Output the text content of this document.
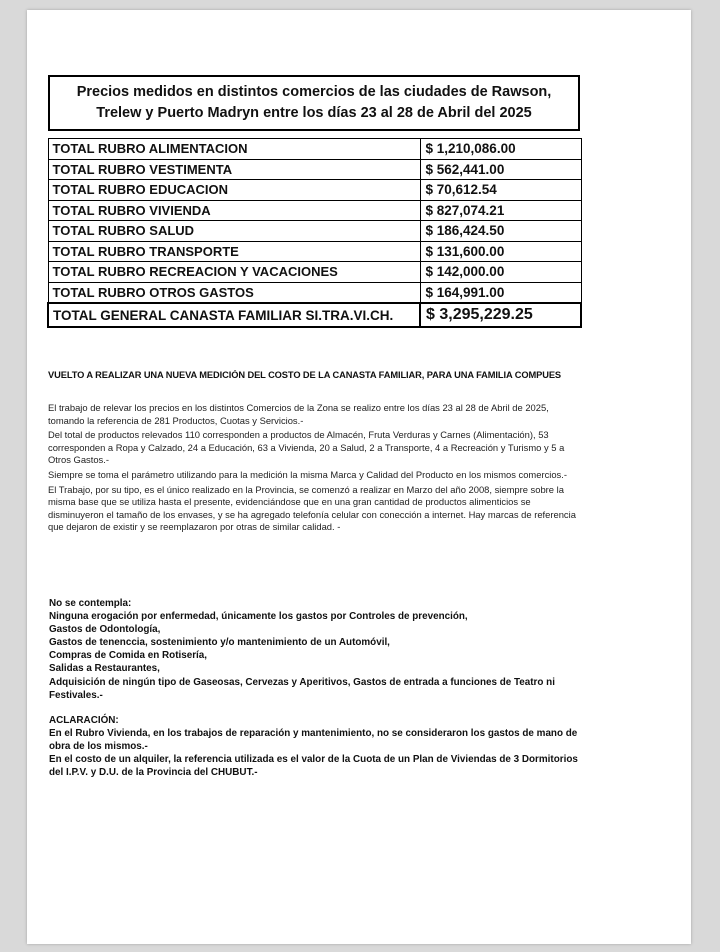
Precios medidos en distintos comercios de las ciudades de Rawson,
Trelew y Puerto Madryn entre los días 23 al 28 de Abril del 2025
TOTAL RUBRO ALIMENTACION	$ 1,210,086.00
TOTAL RUBRO VESTIMENTA	$ 562,441.00
TOTAL RUBRO EDUCACION	$ 70,612.54
TOTAL RUBRO VIVIENDA	$ 827,074.21
TOTAL RUBRO SALUD	$ 186,424.50
TOTAL RUBRO TRANSPORTE	$ 131,600.00
TOTAL RUBRO RECREACION Y VACACIONES	$ 142,000.00
TOTAL RUBRO OTROS GASTOS	$ 164,991.00
TOTAL GENERAL CANASTA FAMILIAR SI.TRA.VI.CH.	$ 3,295,229.25
VUELTO A REALIZAR UNA NUEVA MEDICIÓN DEL COSTO DE LA CANASTA FAMILIAR, PARA UNA FAMILIA COMPUES

El trabajo de relevar los precios en los distintos Comercios de la Zona se realizo entre los días 23 al 28 de Abril de 2025, tomando la referencia de 281 Productos, Cuotas y Servicios.-

Del total de productos relevados 110 corresponden a productos de Almacén, Fruta Verduras y Carnes (Alimentación), 53 corresponden a Ropa y Calzado, 24 a Educación, 63 a Vivienda, 20 a Salud, 2 a Transporte, 4 a Recreación y Turismo y 5 a Otros Gastos.-

Siempre se toma el parámetro utilizando para la medición la misma Marca y Calidad del Producto en los mismos comercios.-

El Trabajo, por su tipo, es el único realizado en la Provincia, se comenzó a realizar en Marzo del año 2008, siempre sobre la misma base que se utiliza hasta el presente, evidenciándose que en una gran cantidad de productos alimenticios se disminuyeron el tamaño de los envases, y se ha agregado telefonía celular con conección a internet. Hay marcas de referencia que dejaron de existir y se reemplazaron por otras de similar calidad. -

No se contempla:
Ninguna erogación por enfermedad, únicamente los gastos por Controles de prevención,
Gastos de Odontología,
Gastos de tenenccia, sostenimiento y/o mantenimiento de un Automóvil,
Compras de Comida en Rotisería,
Salidas a Restaurantes,
Adquisición de ningún tipo de Gaseosas, Cervezas y Aperitivos, Gastos de entrada a funciones de Teatro ni Festivales.-
ACLARACIÓN:
En el Rubro Vivienda, en los trabajos de reparación y mantenimiento, no se consideraron los gastos de mano de obra de los mismos.-
En el costo de un alquiler, la referencia utilizada es el valor de la Cuota de un Plan de Viviendas de 3 Dormitorios del I.P.V. y D.U. de la Provincia del CHUBUT.-
